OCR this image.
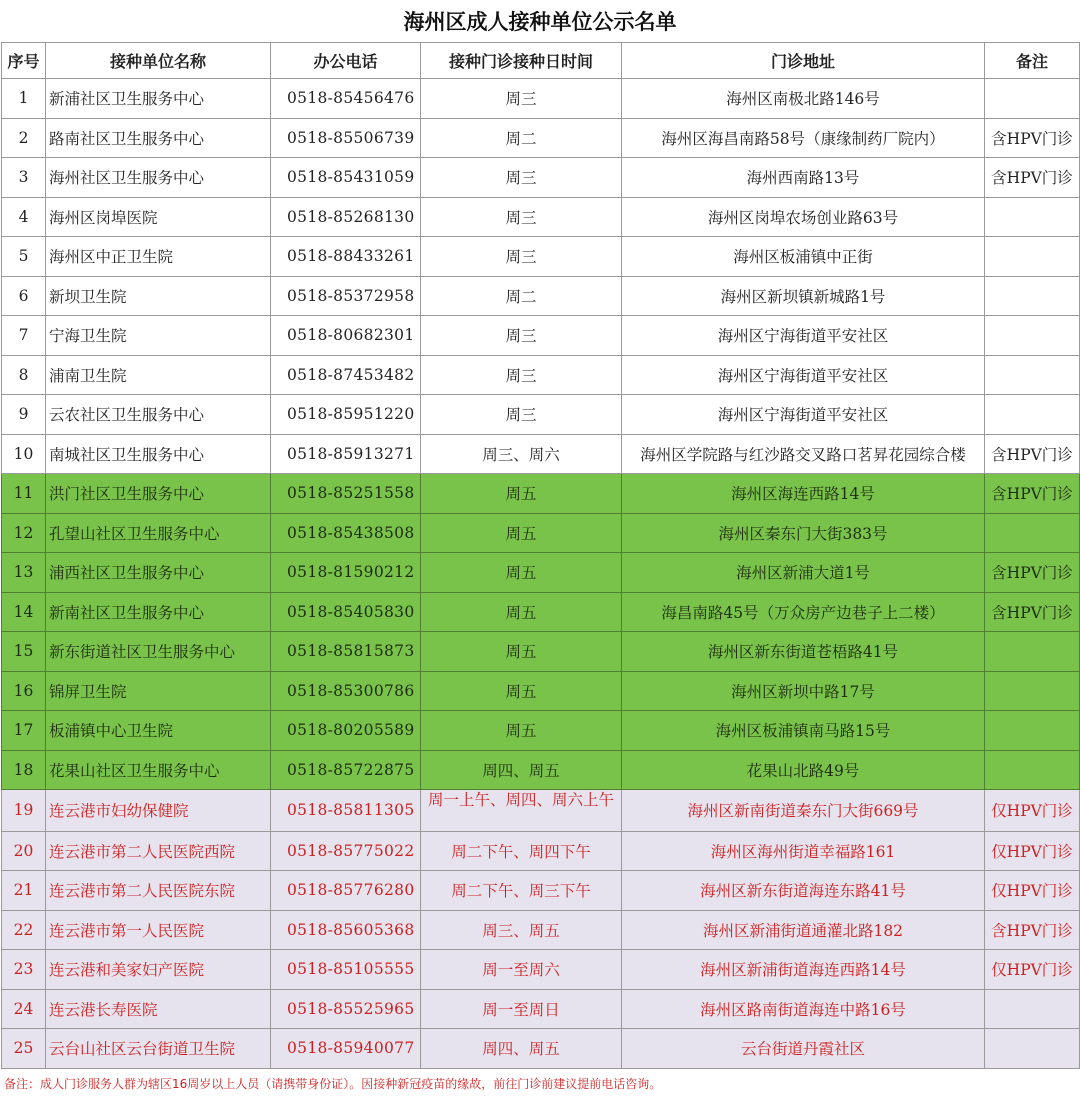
海州区成人接种单位公示名单
序号	接种单位名称	办公电话	接种门诊接种日时间	门诊地址	备注
1	新浦社区卫生服务中心	0518-85456476	周三	海州区南极北路146号	
2	路南社区卫生服务中心	0518-85506739	周二	海州区海昌南路58号（康缘制药厂院内）	含HPV门诊
3	海州社区卫生服务中心	0518-85431059	周三	海州西南路13号	含HPV门诊
4	海州区岗埠医院	0518-85268130	周三	海州区岗埠农场创业路63号	
5	海州区中正卫生院	0518-88433261	周三	海州区板浦镇中正街	
6	新坝卫生院	0518-85372958	周二	海州区新坝镇新城路1号	
7	宁海卫生院	0518-80682301	周三	海州区宁海街道平安社区	
8	浦南卫生院	0518-87453482	周三	海州区宁海街道平安社区	
9	云农社区卫生服务中心	0518-85951220	周三	海州区宁海街道平安社区	
10	南城社区卫生服务中心	0518-85913271	周三、周六	海州区学院路与红沙路交叉路口茗昇花园综合楼	含HPV门诊
11	洪门社区卫生服务中心	0518-85251558	周五	海州区海连西路14号	含HPV门诊
12	孔望山社区卫生服务中心	0518-85438508	周五	海州区秦东门大街383号	
13	浦西社区卫生服务中心	0518-81590212	周五	海州区新浦大道1号	含HPV门诊
14	新南社区卫生服务中心	0518-85405830	周五	海昌南路45号（万众房产边巷子上二楼）	含HPV门诊
15	新东街道社区卫生服务中心	0518-85815873	周五	海州区新东街道苍梧路41号	
16	锦屏卫生院	0518-85300786	周五	海州区新坝中路17号	
17	板浦镇中心卫生院	0518-80205589	周五	海州区板浦镇南马路15号	
18	花果山社区卫生服务中心	0518-85722875	周四、周五	花果山北路49号	
19	连云港市妇幼保健院	0518-85811305	周一上午、周四、周六上午	海州区新南街道秦东门大街669号	仅HPV门诊
20	连云港市第二人民医院西院	0518-85775022	周二下午、周四下午	海州区海州街道幸福路161	仅HPV门诊
21	连云港市第二人民医院东院	0518-85776280	周二下午、周三下午	海州区新东街道海连东路41号	仅HPV门诊
22	连云港市第一人民医院	0518-85605368	周三、周五	海州区新浦街道通灌北路182	含HPV门诊
23	连云港和美家妇产医院	0518-85105555	周一至周六	海州区新浦街道海连西路14号	仅HPV门诊
24	连云港长寿医院	0518-85525965	周一至周日	海州区路南街道海连中路16号	
25	云台山社区云台街道卫生院	0518-85940077	周四、周五	云台街道丹霞社区	
备注：成人门诊服务人群为辖区16周岁以上人员（请携带身份证）。因接种新冠疫苗的缘故，前往门诊前建议提前电话咨询。
